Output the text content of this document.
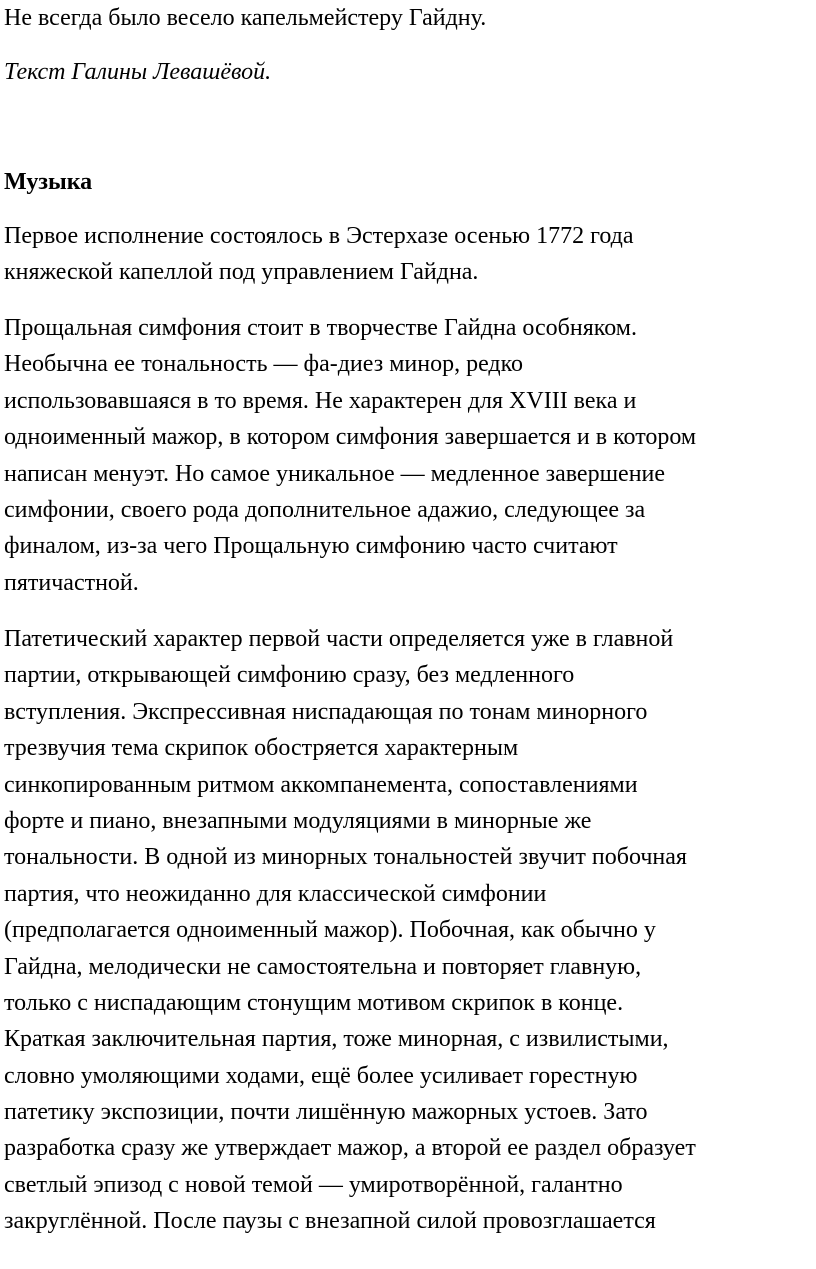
Не всегда было весело капельмейстеру Гайдну.
Текст Галины Левашёвой.
Музыка
Первое исполнение состоялось в Эстерхазе осенью 1772 года
княжеской капеллой под управлением Гайдна.
Прощальная симфония стоит в творчестве Гайдна особняком.
Необычна ее тональность — фа-диез минор, редко
использовавшаяся в то время. Не характерен для XVIII века и
одноименный мажор, в котором симфония завершается и в котором
написан менуэт. Но самое уникальное — медленное завершение
симфонии, своего рода дополнительное адажио, следующее за
финалом, из-за чего Прощальную симфонию часто считают
пятичастной.
Патетический характер первой части определяется уже в главной
партии, открывающей симфонию сразу, без медленного
вступления. Экспрессивная ниспадающая по тонам минорного
трезвучия тема скрипок обостряется характерным
синкопированным ритмом аккомпанемента, сопоставлениями
форте и пиано, внезапными модуляциями в минорные же
тональности. В одной из минорных тональностей звучит побочная
партия, что неожиданно для классической симфонии
(предполагается одноименный мажор). Побочная, как обычно у
Гайдна, мелодически не самостоятельна и повторяет главную,
только с ниспадающим стонущим мотивом скрипок в конце.
Краткая заключительная партия, тоже минорная, с извилистыми,
словно умоляющими ходами, ещё более усиливает горестную
патетику экспозиции, почти лишённую мажорных устоев. Зато
разработка сразу же утверждает мажор, а второй ее раздел образует
светлый эпизод с новой темой — умиротворённой, галантно
закруглённой. После паузы с внезапной силой провозглашается
